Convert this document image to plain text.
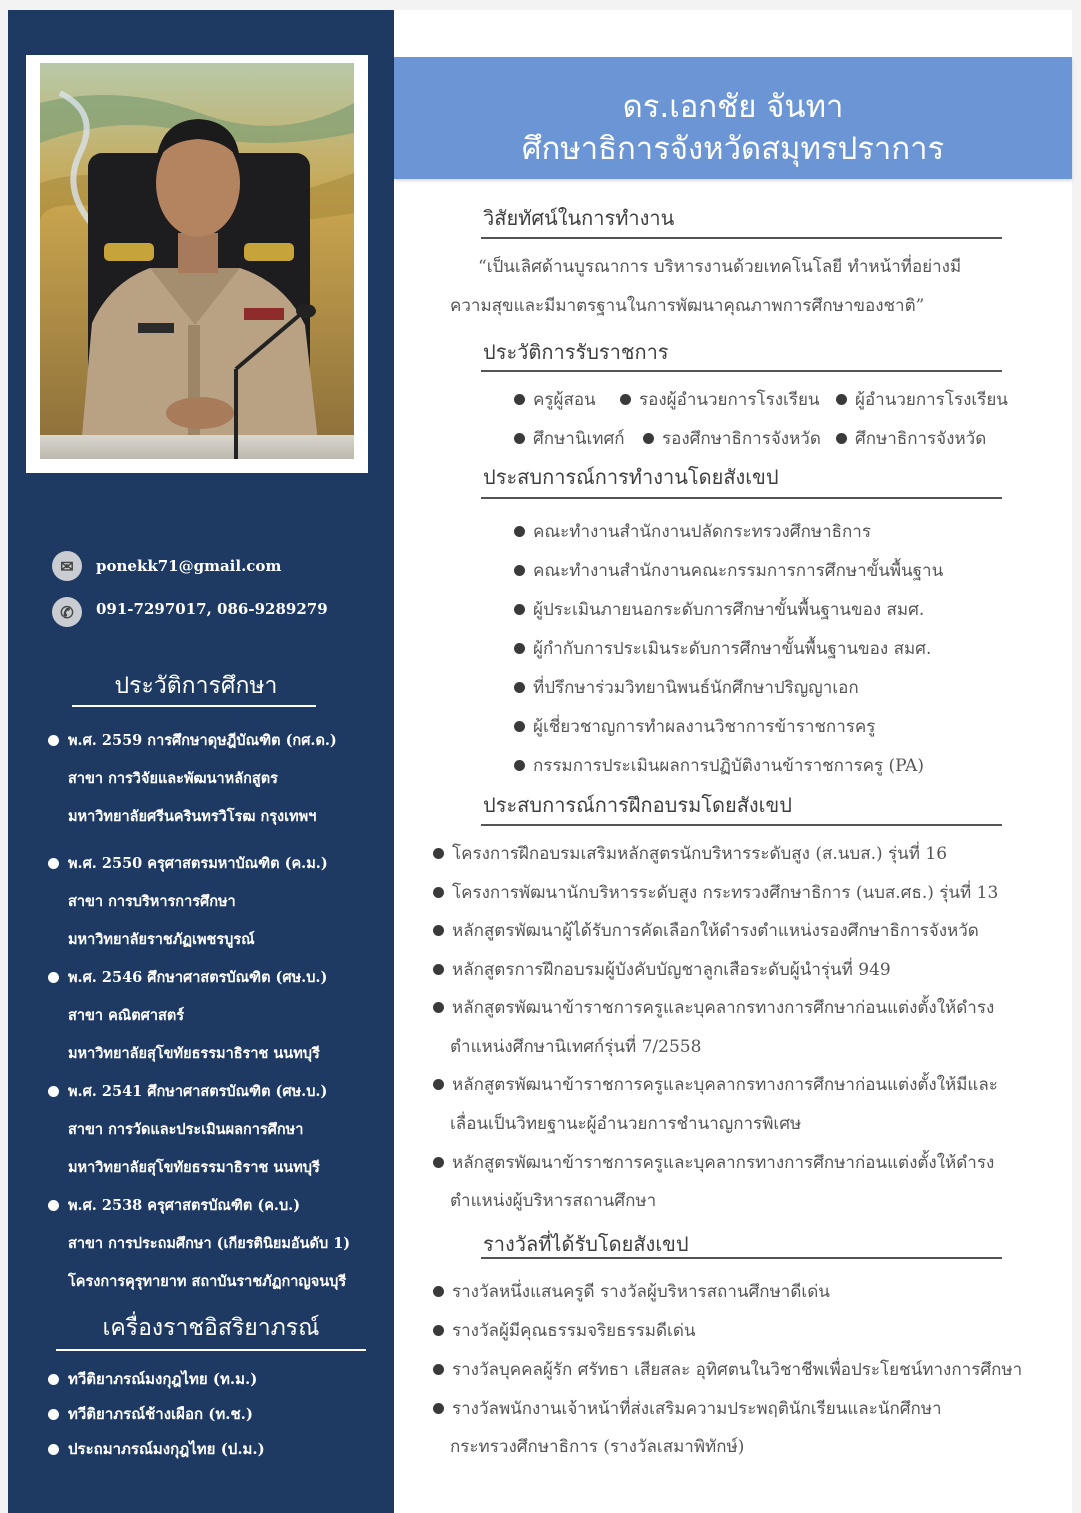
✉	ponekk71@gmail.com
✆	091-7297017, 086-9289279
ประวัติการศึกษา
พ.ศ. 2559 การศึกษาดุษฎีบัณฑิต (กศ.ด.)
สาขา การวิจัยและพัฒนาหลักสูตร
มหาวิทยาลัยศรีนครินทรวิโรฒ กรุงเทพฯ
พ.ศ. 2550 ครุศาสตรมหาบัณฑิต (ค.ม.)
สาขา การบริหารการศึกษา
มหาวิทยาลัยราชภัฏเพชรบูรณ์
พ.ศ. 2546 ศึกษาศาสตรบัณฑิต (ศษ.บ.)
สาขา คณิตศาสตร์
มหาวิทยาลัยสุโขทัยธรรมาธิราช นนทบุรี
พ.ศ. 2541 ศึกษาศาสตรบัณฑิต (ศษ.บ.)
สาขา การวัดและประเมินผลการศึกษา
มหาวิทยาลัยสุโขทัยธรรมาธิราช นนทบุรี
พ.ศ. 2538 ครุศาสตรบัณฑิต (ค.บ.)
สาขา การประถมศึกษา (เกียรตินิยมอันดับ 1)
โครงการคุรุทายาท สถาบันราชภัฏกาญจนบุรี
เครื่องราชอิสริยาภรณ์
ทวีติยาภรณ์มงกุฎไทย (ท.ม.)
ทวีติยาภรณ์ช้างเผือก (ท.ช.)
ประถมาภรณ์มงกุฎไทย (ป.ม.)
ดร.เอกชัย จันทา
ศึกษาธิการจังหวัดสมุทรปราการ
วิสัยทัศน์ในการทำงาน
“เป็นเลิศด้านบูรณาการ บริหารงานด้วยเทคโนโลยี ทำหน้าที่อย่างมี
ความสุขและมีมาตรฐานในการพัฒนาคุณภาพการศึกษาของชาติ”
ประวัติการรับราชการ
ครูผู้สอน	รองผู้อำนวยการโรงเรียน	ผู้อำนวยการโรงเรียน
ศึกษานิเทศก์	รองศึกษาธิการจังหวัด	ศึกษาธิการจังหวัด
ประสบการณ์การทำงานโดยสังเขป
คณะทำงานสำนักงานปลัดกระทรวงศึกษาธิการ
คณะทำงานสำนักงานคณะกรรมการการศึกษาขั้นพื้นฐาน
ผู้ประเมินภายนอกระดับการศึกษาขั้นพื้นฐานของ สมศ.
ผู้กำกับการประเมินระดับการศึกษาขั้นพื้นฐานของ สมศ.
ที่ปรึกษาร่วมวิทยานิพนธ์นักศึกษาปริญญาเอก
ผู้เชี่ยวชาญการทำผลงานวิชาการข้าราชการครู
กรรมการประเมินผลการปฏิบัติงานข้าราชการครู (PA)
ประสบการณ์การฝึกอบรมโดยสังเขป
โครงการฝึกอบรมเสริมหลักสูตรนักบริหารระดับสูง (ส.นบส.) รุ่นที่ 16
โครงการพัฒนานักบริหารระดับสูง กระทรวงศึกษาธิการ (นบส.ศธ.) รุ่นที่ 13
หลักสูตรพัฒนาผู้ได้รับการคัดเลือกให้ดำรงตำแหน่งรองศึกษาธิการจังหวัด
หลักสูตรการฝึกอบรมผู้บังคับบัญชาลูกเสือระดับผู้นำรุ่นที่ 949
หลักสูตรพัฒนาข้าราชการครูและบุคลากรทางการศึกษาก่อนแต่งตั้งให้ดำรง
ตำแหน่งศึกษานิเทศก์รุ่นที่ 7/2558
หลักสูตรพัฒนาข้าราชการครูและบุคลากรทางการศึกษาก่อนแต่งตั้งให้มีและ
เลื่อนเป็นวิทยฐานะผู้อำนวยการชำนาญการพิเศษ
หลักสูตรพัฒนาข้าราชการครูและบุคลากรทางการศึกษาก่อนแต่งตั้งให้ดำรง
ตำแหน่งผู้บริหารสถานศึกษา
รางวัลที่ได้รับโดยสังเขป
รางวัลหนึ่งแสนครูดี รางวัลผู้บริหารสถานศึกษาดีเด่น
รางวัลผู้มีคุณธรรมจริยธรรมดีเด่น
รางวัลบุคคลผู้รัก ศรัทธา เสียสละ อุทิศตนในวิชาชีพเพื่อประโยชน์ทางการศึกษา
รางวัลพนักงานเจ้าหน้าที่ส่งเสริมความประพฤตินักเรียนและนักศึกษา
กระทรวงศึกษาธิการ (รางวัลเสมาพิทักษ์)
